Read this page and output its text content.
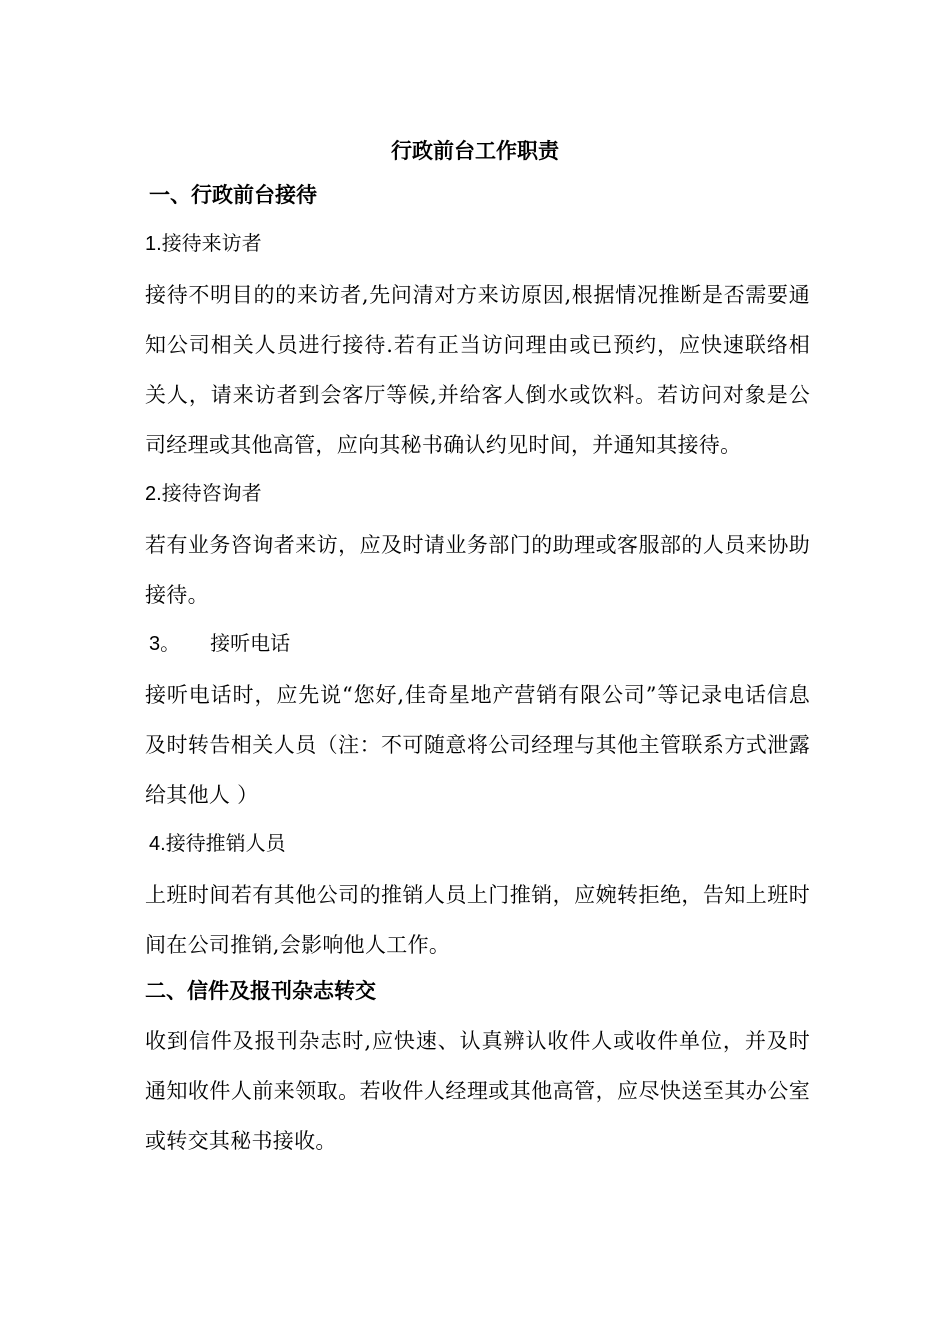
行政前台工作职责
一、行政前台接待
1.接待来访者

接待不明目的的来访者,先问清对方来访原因,根据情况推断是否需要通知公司相关人员进行接待.若有正当访问理由或已预约，应快速联络相关人，请来访者到会客厅等候,并给客人倒水或饮料。若访问对象是公司经理或其他高管，应向其秘书确认约见时间，并通知其接待。

2.接待咨询者

若有业务咨询者来访，应及时请业务部门的助理或客服部的人员来协助接待。

3。 接听电话

接听电话时，应先说“您好,佳奇星地产营销有限公司”等记录电话信息及时转告相关人员（注：不可随意将公司经理与其他主管联系方式泄露给其他人 ）

4.接待推销人员

上班时间若有其他公司的推销人员上门推销，应婉转拒绝，告知上班时间在公司推销,会影响他人工作。

二、信件及报刊杂志转交

收到信件及报刊杂志时,应快速、认真辨认收件人或收件单位，并及时通知收件人前来领取。若收件人经理或其他高管，应尽快送至其办公室或转交其秘书接收。
